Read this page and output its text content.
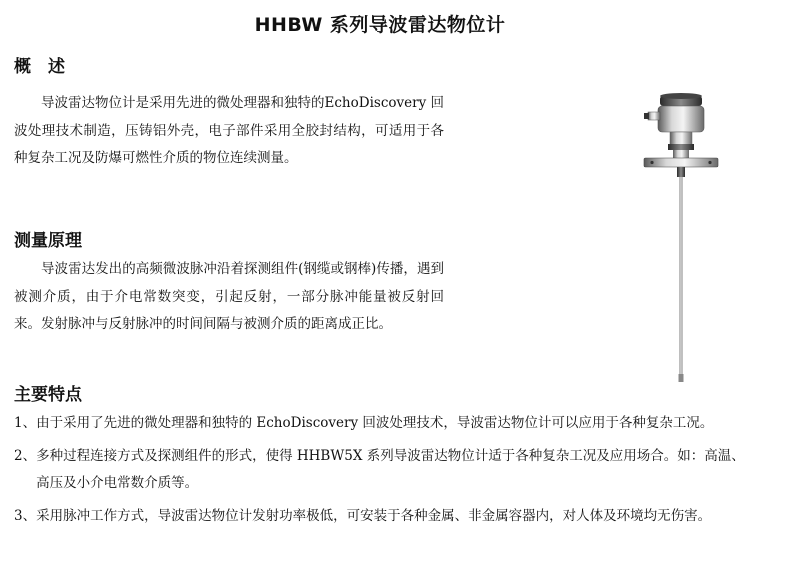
HHBW 系列导波雷达物位计
概　述

导波雷达物位计是采用先进的微处理器和独特的EchoDiscovery 回波处理技术制造，压铸铝外壳，电子部件采用全胶封结构，可适用于各种复杂工况及防爆可燃性介质的物位连续测量。

测量原理

导波雷达发出的高频微波脉冲沿着探测组件(钢缆或钢棒)传播，遇到被测介质，由于介电常数突变，引起反射，一部分脉冲能量被反射回来。发射脉冲与反射脉冲的时间间隔与被测介质的距离成正比。

主要特点
1、 由于采用了先进的微处理器和独特的 EchoDiscovery 回波处理技术，导波雷达物位计可以应用于各种复杂工况。
2、 多种过程连接方式及探测组件的形式，使得 HHBW5X 系列导波雷达物位计适于各种复杂工况及应用场合。如：高温、高压及小介电常数介质等。
3、 采用脉冲工作方式，导波雷达物位计发射功率极低，可安装于各种金属、非金属容器内，对人体及环境均无伤害。
